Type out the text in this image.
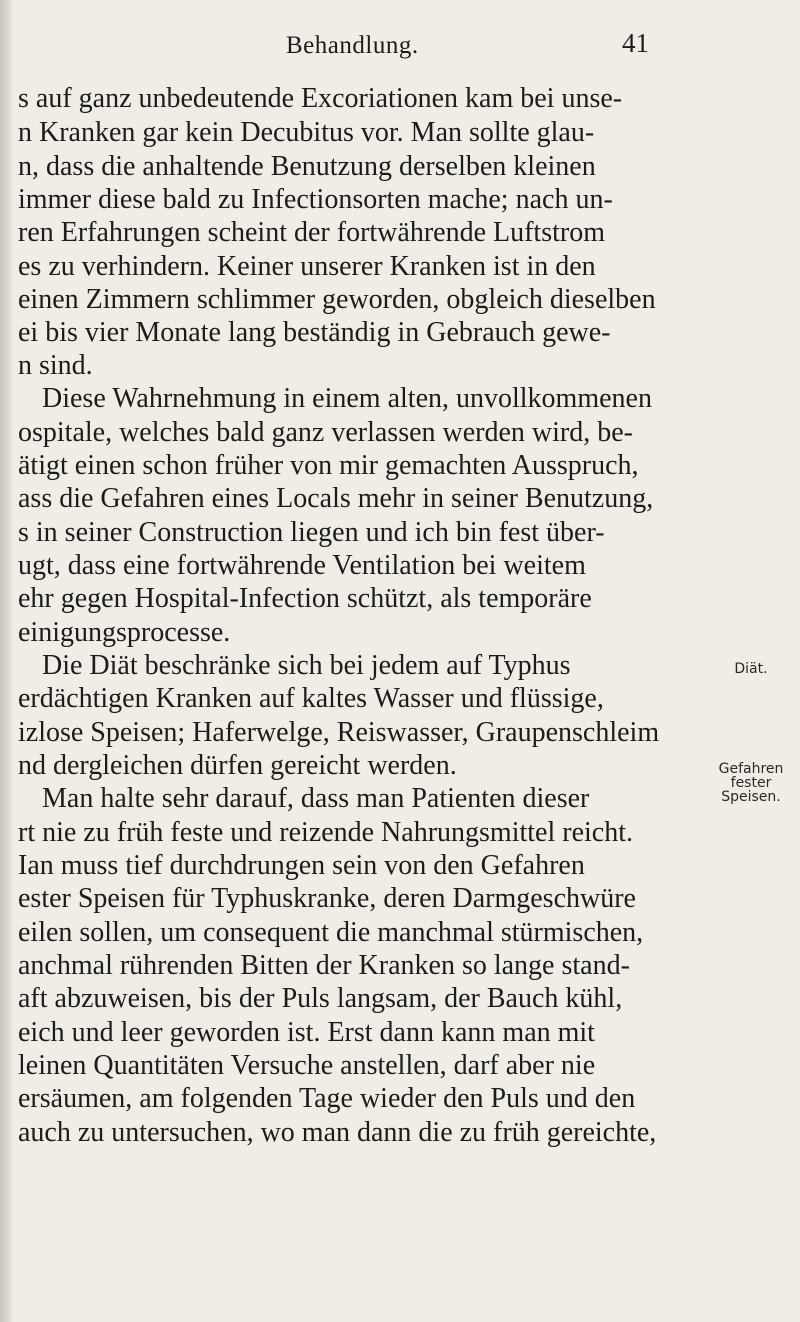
Behandlung.	41
s auf ganz unbedeutende Excoriationen kam bei unse-
n Kranken gar kein Decubitus vor. Man sollte glau-
n, dass die anhaltende Benutzung derselben kleinen
immer diese bald zu Infectionsorten mache; nach un-
ren Erfahrungen scheint der fortwährende Luftstrom
es zu verhindern. Keiner unserer Kranken ist in den
einen Zimmern schlimmer geworden, obgleich dieselben
ei bis vier Monate lang beständig in Gebrauch gewe-
n sind.
Diese Wahrnehmung in einem alten, unvollkommenen
ospitale, welches bald ganz verlassen werden wird, be-
ätigt einen schon früher von mir gemachten Ausspruch,
ass die Gefahren eines Locals mehr in seiner Benutzung,
s in seiner Construction liegen und ich bin fest über-
ugt, dass eine fortwährende Ventilation bei weitem
ehr gegen Hospital-Infection schützt, als temporäre
einigungsprocesse.
Die Diät beschränke sich bei jedem auf Typhus
erdächtigen Kranken auf kaltes Wasser und flüssige,
izlose Speisen; Haferwelge, Reiswasser, Graupenschleim
nd dergleichen dürfen gereicht werden.
Man halte sehr darauf, dass man Patienten dieser
rt nie zu früh feste und reizende Nahrungsmittel reicht.
Ian muss tief durchdrungen sein von den Gefahren
ester Speisen für Typhuskranke, deren Darmgeschwüre
eilen sollen, um consequent die manchmal stürmischen,
anchmal rührenden Bitten der Kranken so lange stand-
aft abzuweisen, bis der Puls langsam, der Bauch kühl,
eich und leer geworden ist. Erst dann kann man mit
leinen Quantitäten Versuche anstellen, darf aber nie
ersäumen, am folgenden Tage wieder den Puls und den
auch zu untersuchen, wo man dann die zu früh gereichte,
Diät.
Gefahren
fester
Speisen.
